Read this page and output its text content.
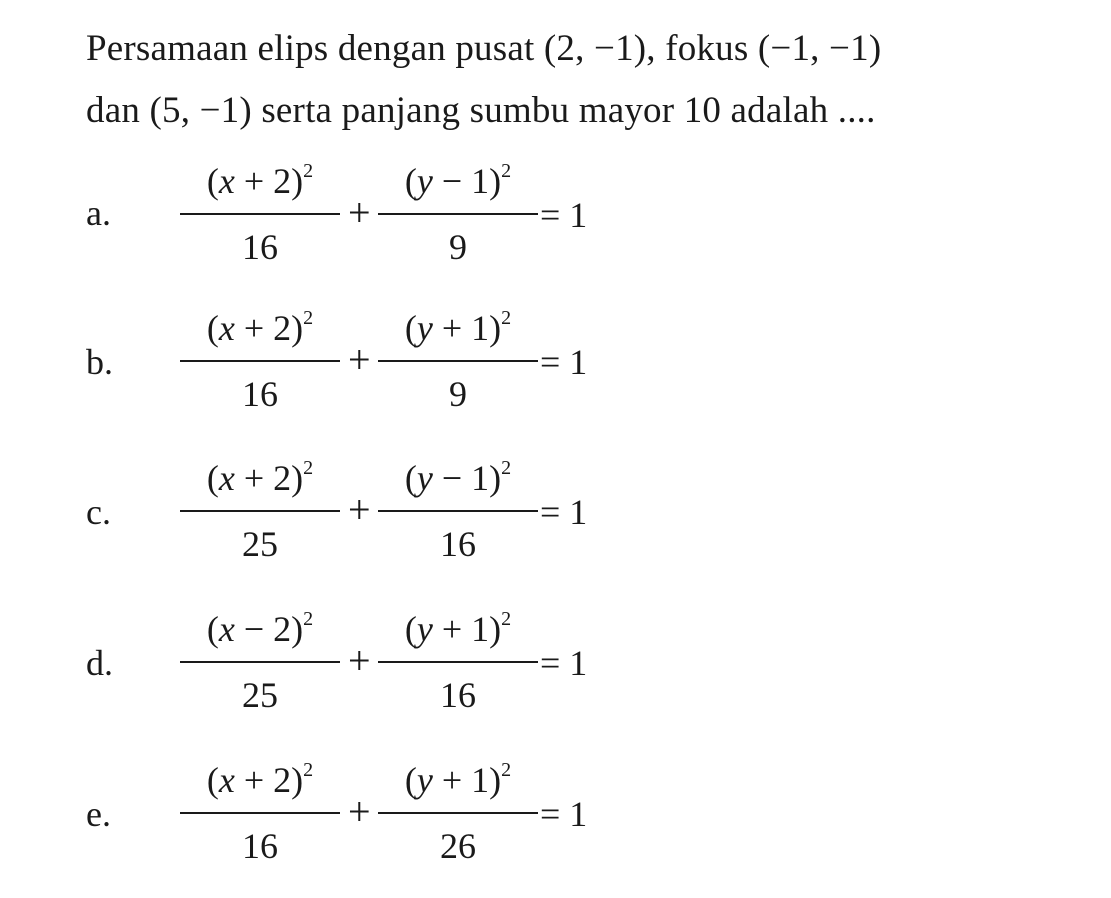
Persamaan elips dengan pusat (2, −1), fokus (−1, −1)
dan (5, −1) serta panjang sumbu mayor 10 adalah ....
a.
$(x + 2)^2$
16
+
$(y - 1)^2$
9
= 1
b.
$(x + 2)^2$
16
+
$(y + 1)^2$
9
= 1
c.
$(x + 2)^2$
25
+
$(y - 1)^2$
16
= 1
d.
$(x - 2)^2$
25
+
$(y + 1)^2$
16
= 1
e.
$(x + 2)^2$
16
+
$(y + 1)^2$
26
= 1
